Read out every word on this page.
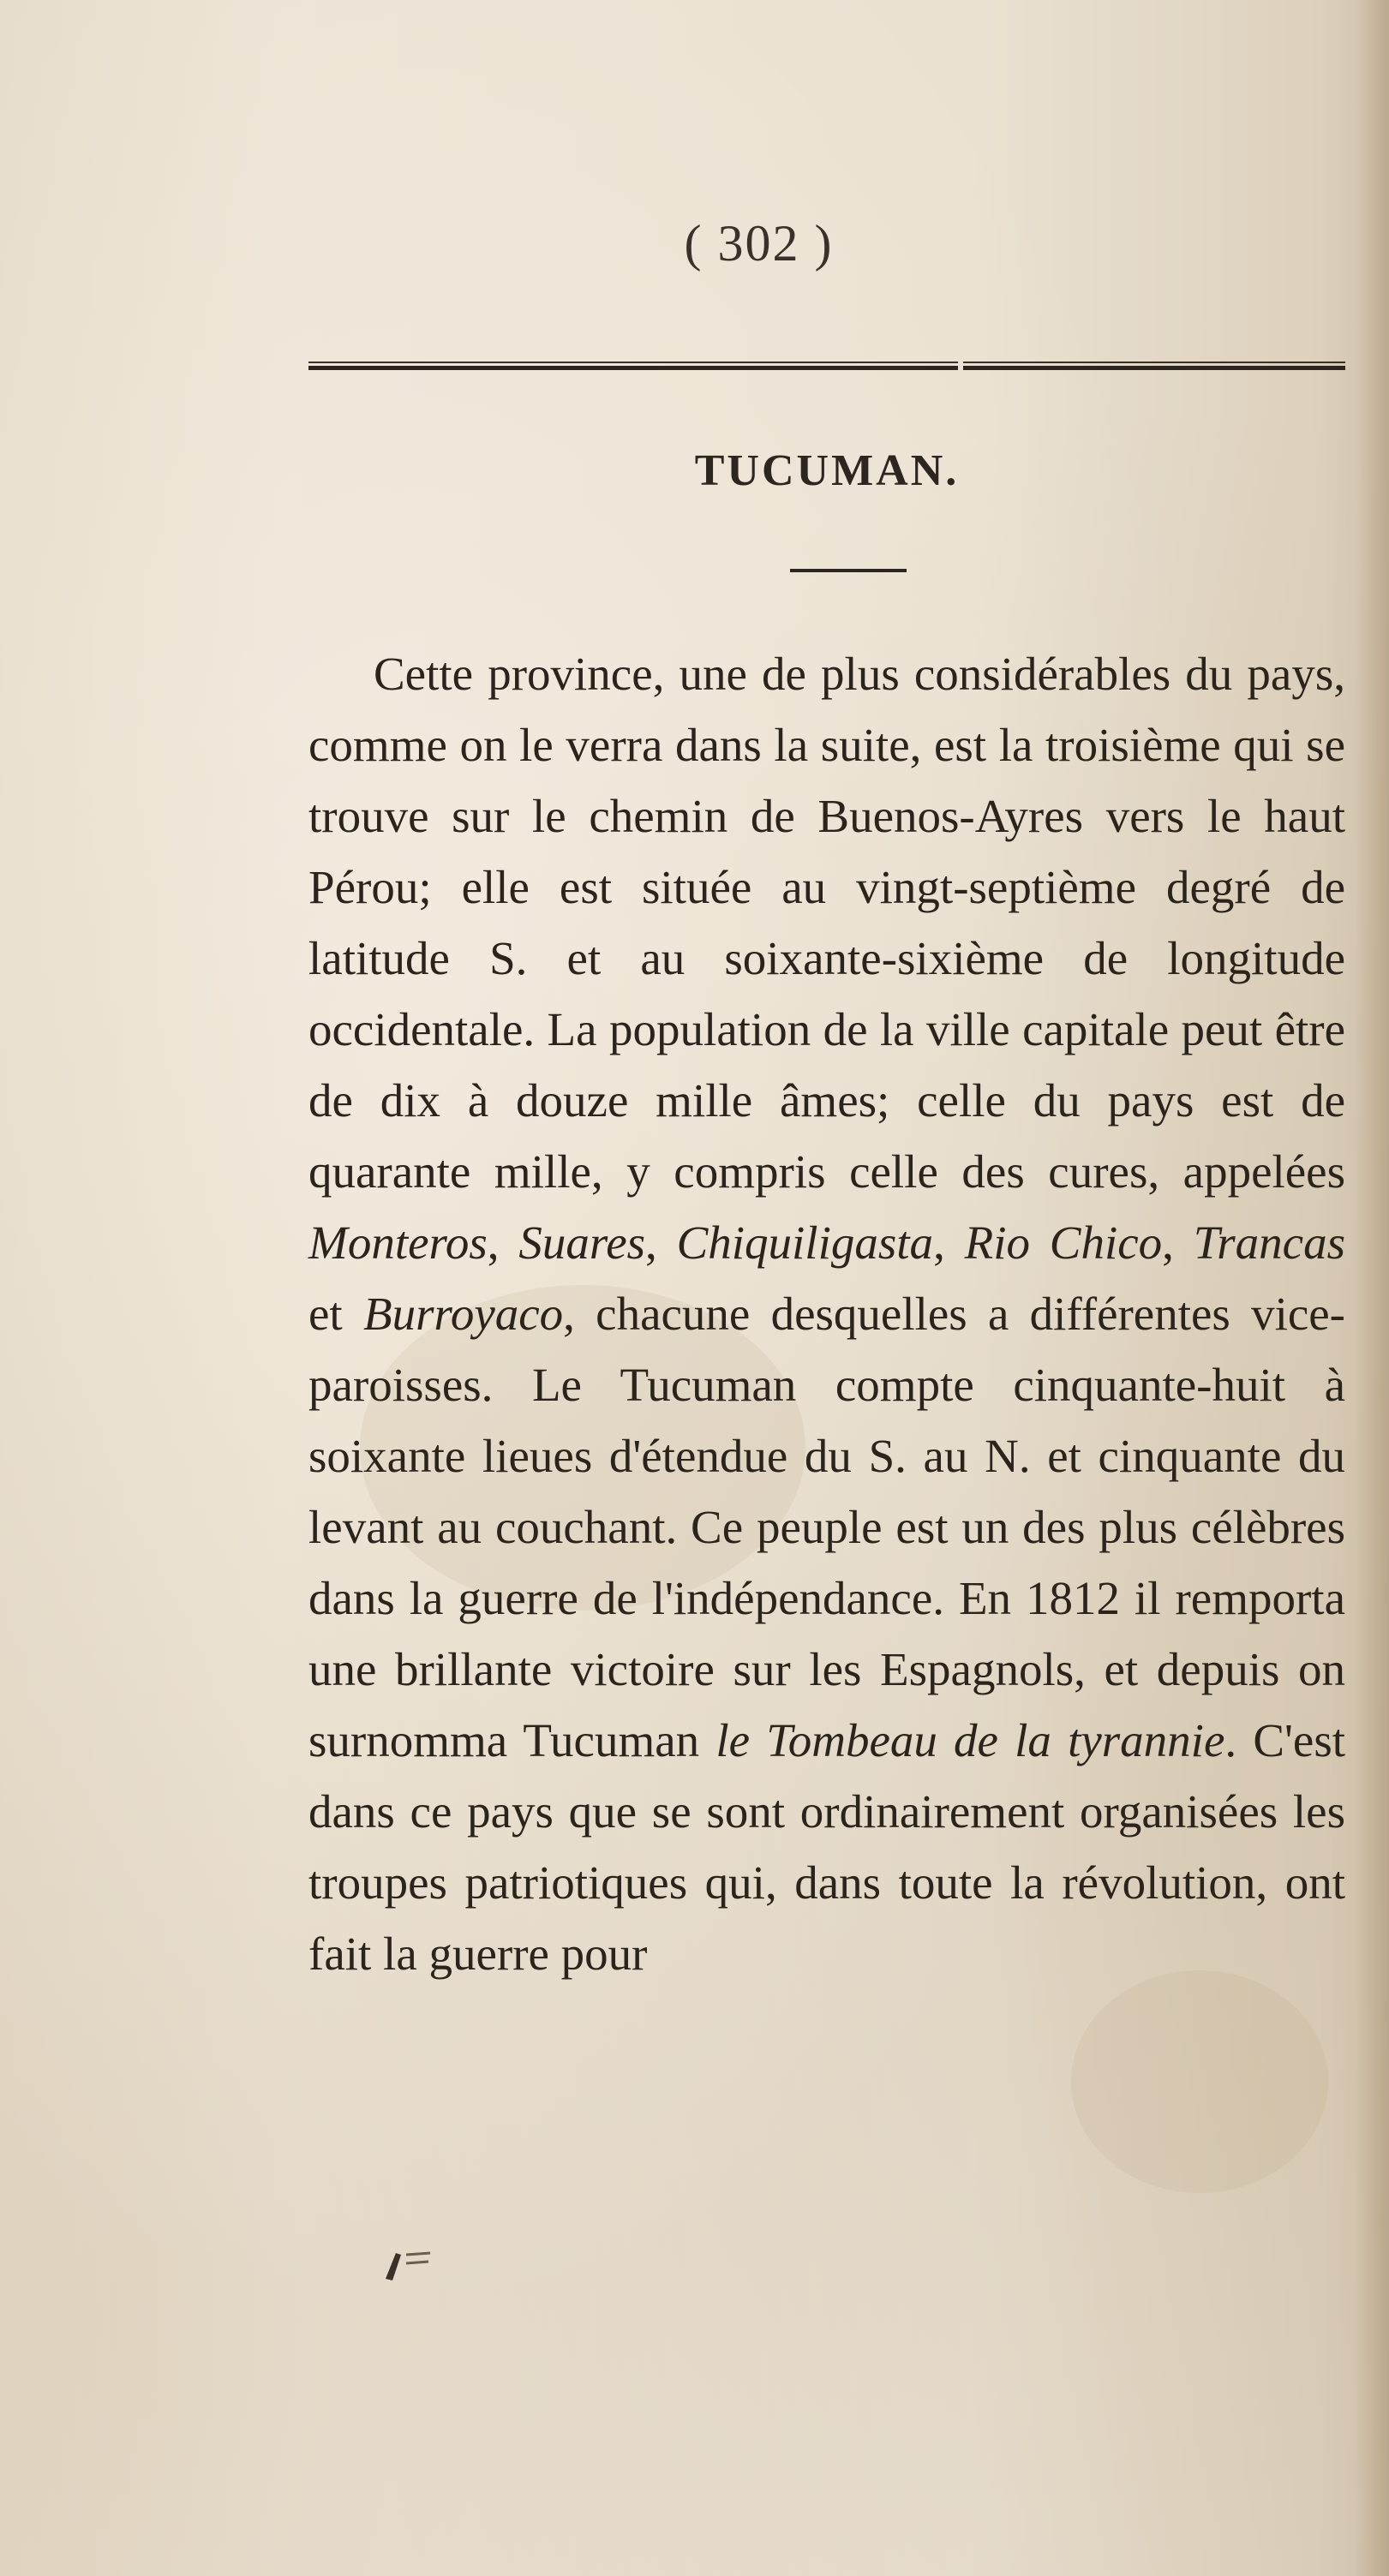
( 302 )
TUCUMAN.

Cette province, une de plus considérables du pays, comme on le verra dans la suite, est la troisième qui se trouve sur le chemin de Buenos-Ayres vers le haut Pérou; elle est située au vingt-septième degré de latitude S. et au soixante-sixième de longitude occidentale. La population de la ville capitale peut être de dix à douze mille âmes; celle du pays est de quarante mille, y compris celle des cures, appelées Monteros, Suares, Chiquiligasta, Rio Chico, Trancas et Burroyaco, chacune desquelles a différentes vice-paroisses. Le Tucuman compte cinquante-huit à soixante lieues d'étendue du S. au N. et cinquante du levant au couchant. Ce peuple est un des plus célèbres dans la guerre de l'indépendance. En 1812 il remporta une brillante victoire sur les Espagnols, et depuis on surnomma Tucuman le Tombeau de la tyrannie. C'est dans ce pays que se sont ordinairement organisées les troupes patriotiques qui, dans toute la révolution, ont fait la guerre pour
